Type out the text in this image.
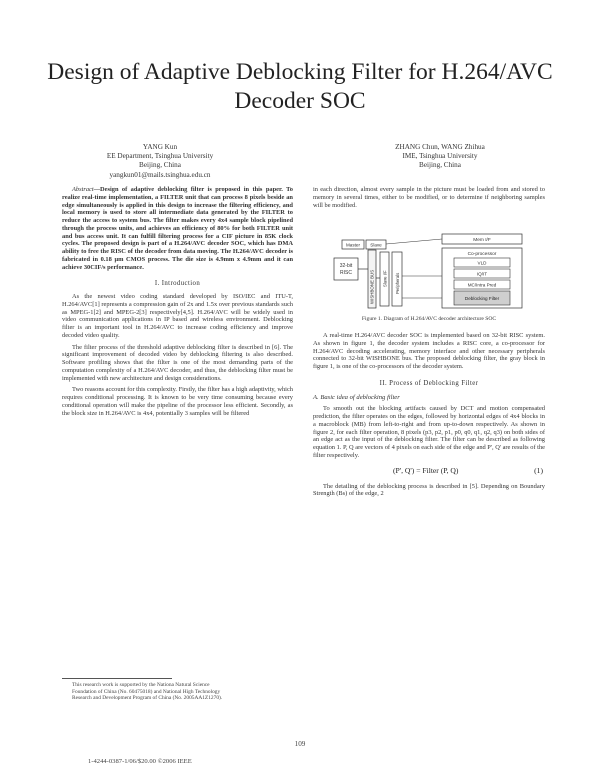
Design of Adaptive Deblocking Filter for H.264/AVC
Decoder SOC
YANG Kun
EE Department, Tsinghua University
Beijing, China
yangkun01@mails.tsinghua.edu.cn
ZHANG Chun, WANG Zhihua
IME, Tsinghua University
Beijing, China

Abstract—Design of adaptive deblocking filter is proposed in this paper. To realize real-time implementation, a FILTER unit that can process 8 pixels beside an edge simultaneously is applied in this design to increase the filtering efficiency, and local memory is used to store all intermediate data generated by the FILTER to reduce the access to system bus. The filter makes every 4x4 sample block pipelined through the process units, and achieves an efficiency of 80% for both FILTER unit and bus access unit. It can fulfill filtering process for a CIF picture in 85K clock cycles. The proposed design is part of a H.264/AVC decoder SOC, which has DMA ability to free the RISC of the decoder from data moving. The H.264/AVC decoder is fabricated in 0.18 μm CMOS process. The die size is 4.9mm x 4.9mm and it can achieve 30CIF/s performance.

I. Introduction

As the newest video coding standard developed by ISO/IEC and ITU-T, H.264/AVC[1] represents a compression gain of 2x and 1.5x over previous standards such as MPEG-1[2] and MPEG-2[3] respectively[4,5]. H.264/AVC will be widely used in video communication applications in IP based and wireless environment. Deblocking filter is an important tool in H.264/AVC to increase coding efficiency and improve decoded video quality.

The filter process of the threshold adaptive deblocking filter is described in [6]. The significant improvement of decoded video by deblocking filtering is also described. Software profiling shows that the filter is one of the most demanding parts of the computation complexity of a H.264/AVC decoder, and thus, the deblocking filter must be implemented with new architecture and design considerations.

Two reasons account for this complexity. Firstly, the filter has a high adaptivity, which requires conditional processing. It is known to be very time consuming because every conditional operation will make the pipeline of the processor less efficient. Secondly, as the block size in H.264/AVC is 4x4, potentially 3 samples will be filtered

This research work is supported by the Nationa Natural Science
Foundation of China (No. 60475018) and National High Technology
Research and Development Program of China (No. 2005AA1Z1270).

in each direction, almost every sample in the picture must be loaded from and stored to memory in several times, either to be modified, or to determine if neighboring samples will be modified.

32-bit
RISC
Master Slave
WISHBONE BUS
Mem I/F
Slave I/F Peripherals
Co-processor
VLD
IQ/IT
MC/Intra Pred
Deblocking Filter
Figure 1. Diagram of H.264/AVC decoder architecture SOC

A real-time H.264/AVC decoder SOC is implemented based on 32-bit RISC system. As shown in figure 1, the decoder system includes a RISC core, a co-processor for H.264/AVC decoding accelerating, memory interface and other necessary peripherals connected to 32-bit WISHBONE bus. The proposed deblocking filter, the gray block in figure 1, is one of the co-processors of the decoder system.

II. Process of Deblocking Filter
A. Basic idea of deblocking filter

To smooth out the blocking artifacts caused by DCT and motion compensated prediction, the filter operates on the edges, followed by horizontal edges of 4x4 blocks in a macroblock (MB) from left-to-right and from up-to-down respectively. As shown in figure 2, for each filter operation, 8 pixels (p3, p2, p1, p0, q0, q1, q2, q3) on both sides of an edge act as the input of the deblocking filter. The filter can be described as following equation 1. P, Q are vectors of 4 pixels on each side of the edge and P', Q' are results of the filter respectively.

(P', Q') = Filter (P, Q)	(1)

The detailing of the deblocking process is described in [5]. Depending on Boundary Strength (Bs) of the edge, 2

109
1-4244-0387-1/06/$20.00 ©2006 IEEE
